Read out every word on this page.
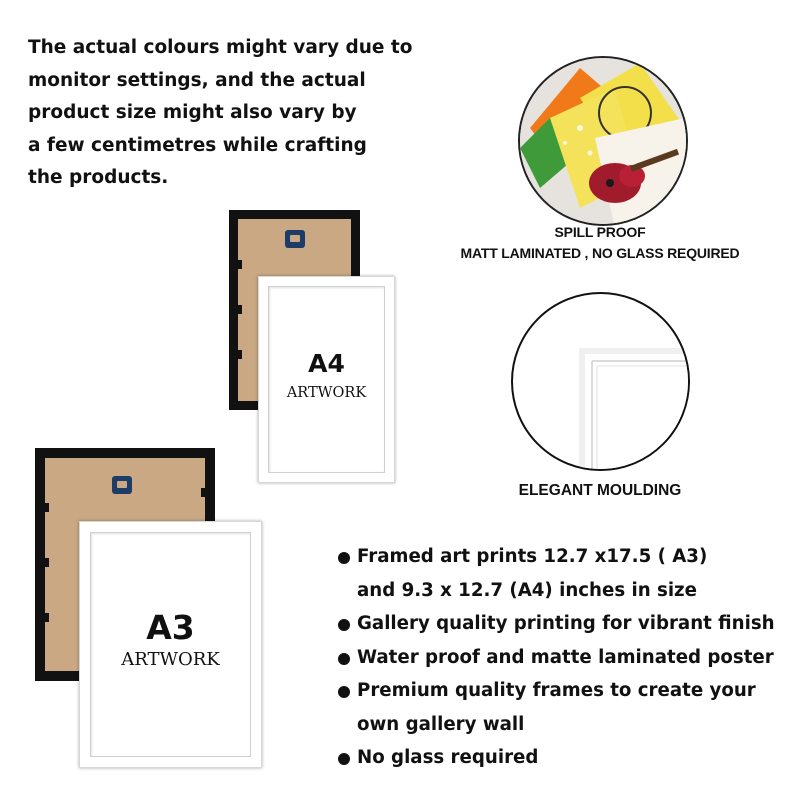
The actual colours might vary due to
monitor settings, and the actual
product size might also vary by
a few centimetres while crafting
the products.
SPILL PROOF
MATT LAMINATED , NO GLASS REQUIRED
ELEGANT MOULDING
A4
ARTWORK
A3
ARTWORK
Framed art prints 12.7 x17.5 ( A3)
and 9.3 x 12.7 (A4) inches in size
Gallery quality printing for vibrant finish
Water proof and matte laminated poster
Premium quality frames to create your
own gallery wall
No glass required
